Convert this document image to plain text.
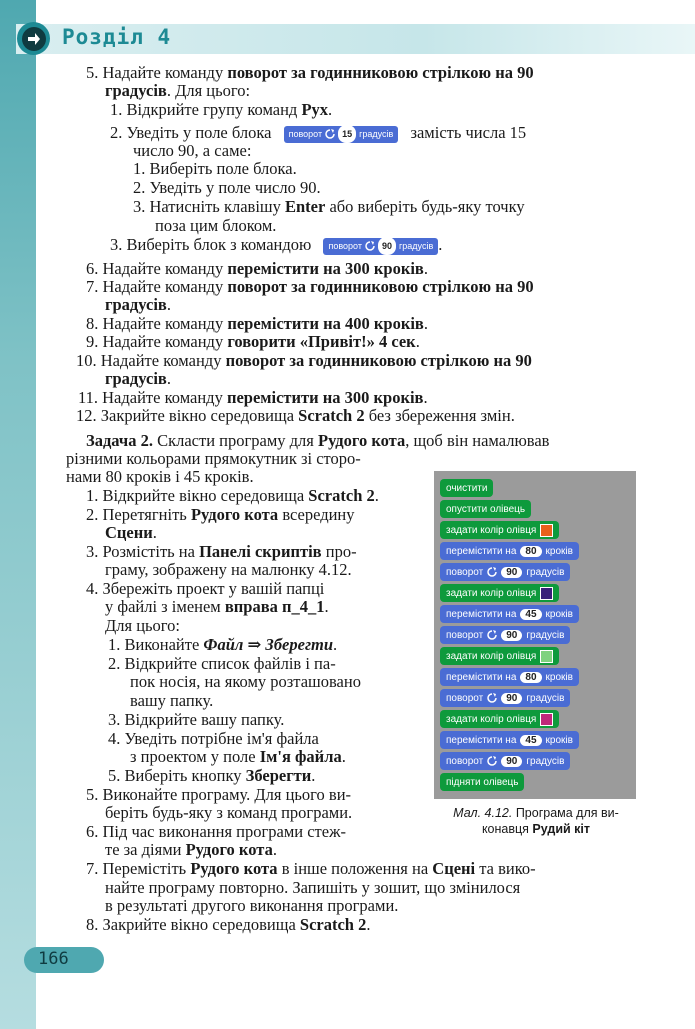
Розділ 4
5. Надайте команду поворот за годинниковою стрілкою на 90
градусів. Для цього:
1. Відкрийте групу команд Рух.
2. Уведіть у поле блока поворот	15 градусів замість числа 15
число 90, а саме:
1. Виберіть поле блока.
2. Уведіть у поле число 90.
3. Натисніть клавішу Enter або виберіть будь-яку точку
поза цим блоком.
3. Виберіть блок з командою поворот	90 градусів .
6. Надайте команду перемістити на 300 кроків.
7. Надайте команду поворот за годинниковою стрілкою на 90
градусів.
8. Надайте команду перемістити на 400 кроків.
9. Надайте команду говорити «Привіт!» 4 сек.
10. Надайте команду поворот за годинниковою стрілкою на 90
градусів.
11. Надайте команду перемістити на 300 кроків.
12. Закрийте вікно середовища Scratch 2 без збереження змін.
Задача 2. Скласти програму для Рудого кота, щоб він намалював
різними кольорами прямокутник зі сторо-
нами 80 кроків і 45 кроків.
1. Відкрийте вікно середовища Scratch 2.
2. Перетягніть Рудого кота всередину
Сцени.
3. Розмістіть на Панелі скриптів про-
граму, зображену на малюнку 4.12.
4. Збережіть проект у вашій папці
у файлі з іменем вправа п_4_1.
Для цього:
1. Виконайте Файл ⇒ Зберегти.
2. Відкрийте список файлів і па-
пок носія, на якому розташовано
вашу папку.
3. Відкрийте вашу папку.
4. Уведіть потрібне ім'я файла
з проектом у поле Ім'я файла.
5. Виберіть кнопку Зберегти.
5. Виконайте програму. Для цього ви-
беріть будь-яку з команд програми.
6. Під час виконання програми стеж-
те за діями Рудого кота.
7. Перемістіть Рудого кота в інше положення на Сцені та вико-
найте програму повторно. Запишіть у зошит, що змінилося
в результаті другого виконання програми.
8. Закрийте вікно середовища Scratch 2.
очистити
опустити олівець
задати колір олівця
перемістити на 80 кроків
поворот	90 градусів
задати колір олівця
перемістити на 45 кроків
поворот	90 градусів
задати колір олівця
перемістити на 80 кроків
поворот	90 градусів
задати колір олівця
перемістити на 45 кроків
поворот	90 градусів
підняти олівець
Мал. 4.12. Програма для ви-
конавця Рудий кіт
166
